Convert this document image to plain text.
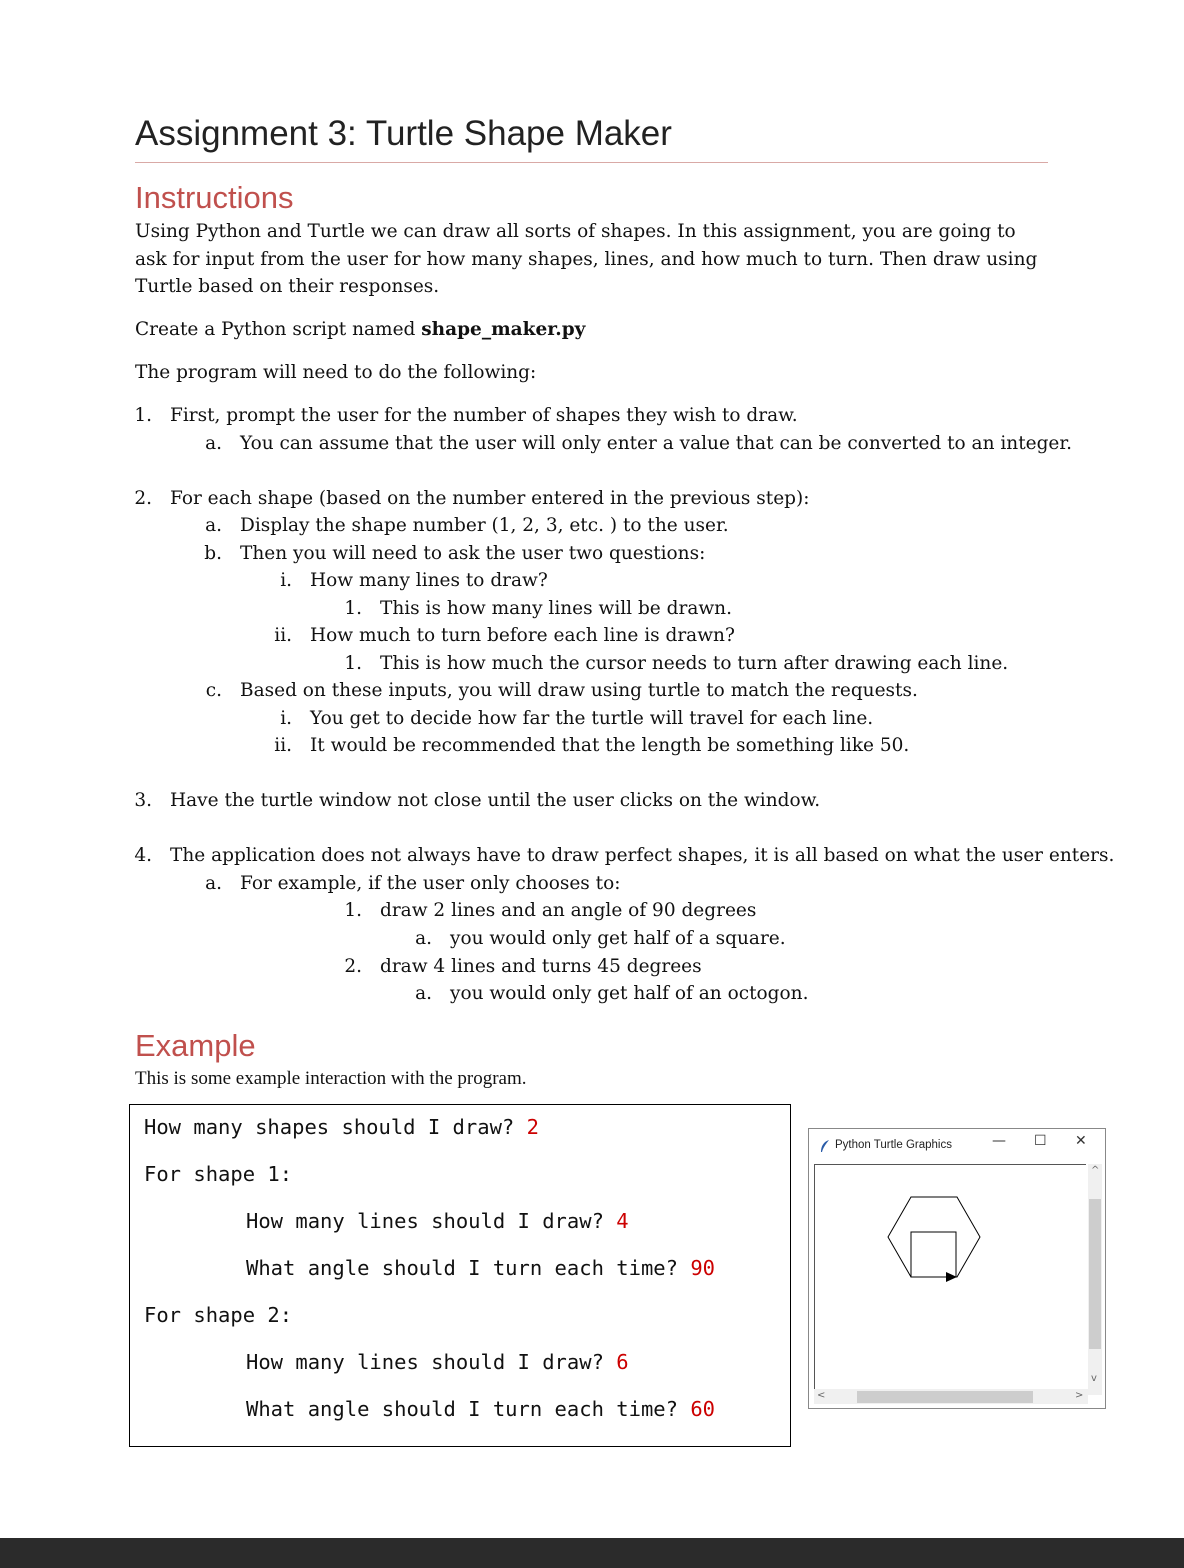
Assignment 3: Turtle Shape Maker
Instructions
Using Python and Turtle we can draw all sorts of shapes. In this assignment, you are going to ask for input from the user for how many shapes, lines, and how much to turn. Then draw using Turtle based on their responses.
Create a Python script named shape_maker.py
The program will need to do the following:
1. First, prompt the user for the number of shapes they wish to draw.
a. You can assume that the user will only enter a value that can be converted to an integer.
2. For each shape (based on the number entered in the previous step):
a. Display the shape number (1, 2, 3, etc. ) to the user.
b. Then you will need to ask the user two questions:
i. How many lines to draw?
1. This is how many lines will be drawn.
ii. How much to turn before each line is drawn?
1. This is how much the cursor needs to turn after drawing each line.
c. Based on these inputs, you will draw using turtle to match the requests.
i. You get to decide how far the turtle will travel for each line.
ii. It would be recommended that the length be something like 50.
3. Have the turtle window not close until the user clicks on the window.
4. The application does not always have to draw perfect shapes, it is all based on what the user enters.
a. For example, if the user only chooses to:
1. draw 2 lines and an angle of 90 degrees
a. you would only get half of a square.
2. draw 4 lines and turns 45 degrees
a. you would only get half of an octogon.
Example
This is some example interaction with the program.
How many shapes should I draw? 2
For shape 1:
How many lines should I draw? 4
What angle should I turn each time? 90
For shape 2:
How many lines should I draw? 6
What angle should I turn each time? 60
Python Turtle Graphics	— ☐ ✕
^
v
<	>
